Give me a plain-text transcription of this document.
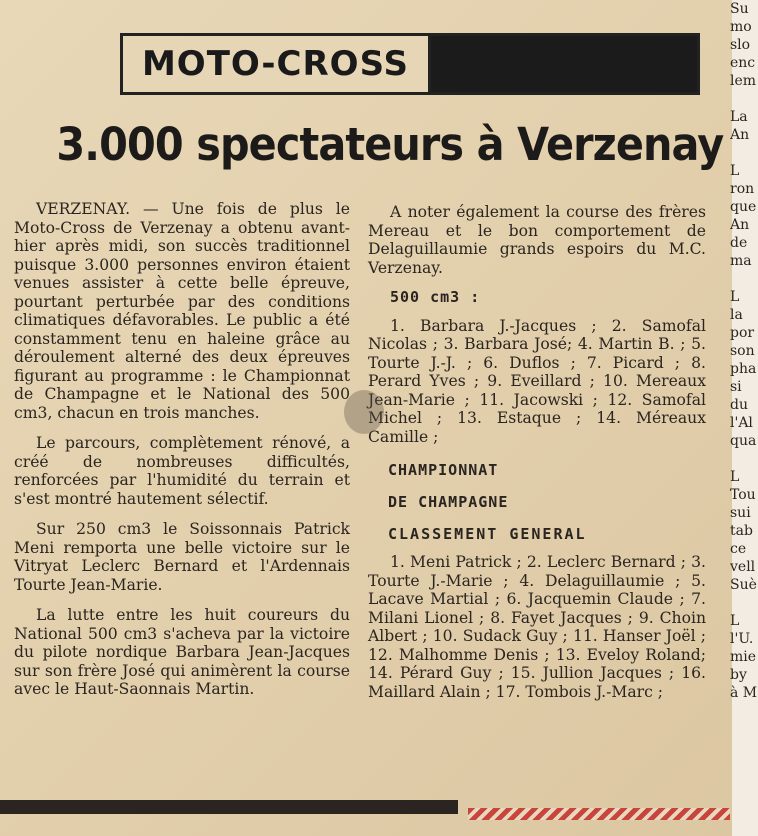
MOTO-CROSS
3.000 spectateurs à Verzenay

VERZENAY. — Une fois de plus le Moto-Cross de Verzenay a obtenu avant-hier après midi, son succès traditionnel puisque 3.000 personnes environ étaient venues assister à cette belle épreuve, pourtant perturbée par des conditions climatiques défavorables. Le public a été constamment tenu en haleine grâce au déroulement alterné des deux épreuves figurant au programme : le Championnat de Champagne et le National des 500 cm3, chacun en trois manches.

Le parcours, complètement rénové, a créé de nombreuses difficultés, renforcées par l'humidité du terrain et s'est montré hautement sélectif.

Sur 250 cm3 le Soissonnais Patrick Meni remporta une belle victoire sur le Vitryat Leclerc Bernard et l'Ardennais Tourte Jean-Marie.

La lutte entre les huit coureurs du National 500 cm3 s'acheva par la victoire du pilote nordique Barbara Jean-Jacques sur son frère José qui animèrent la course avec le Haut-Saonnais Martin.

A noter également la course des frères Mereau et le bon comportement de Delaguillaumie grands espoirs du M.C. Verzenay.

500 cm3 :

1. Barbara J.-Jacques ; 2. Samofal Nicolas ; 3. Barbara José; 4. Martin B. ; 5. Tourte J.-J. ; 6. Duflos ; 7. Picard ; 8. Perard Yves ; 9. Eveillard ; 10. Mereaux Jean-Marie ; 11. Jacowski ; 12. Samofal Michel ; 13. Estaque ; 14. Méreaux Camille ;

CHAMPIONNAT
DE CHAMPAGNE
CLASSEMENT GENERAL

1. Meni Patrick ; 2. Leclerc Bernard ; 3. Tourte J.-Marie ; 4. Delaguillaumie ; 5. Lacave Martial ; 6. Jacquemin Claude ; 7. Milani Lionel ; 8. Fayet Jacques ; 9. Choin Albert ; 10. Sudack Guy ; 11. Hanser Joël ; 12. Malhomme Denis ; 13. Eveloy Roland; 14. Pérard Guy ; 15. Jullion Jacques ; 16. Maillard Alain ; 17. Tombois J.-Marc ;

Su
mo
slo
enc
lem
La
An
L
ron
que
An
de
ma
L
la
por
son
pha
si
du
l'Al
qua
L
Tou
sui
tab
ce
vell
Suè
L
l'U.
mie
by
à M
